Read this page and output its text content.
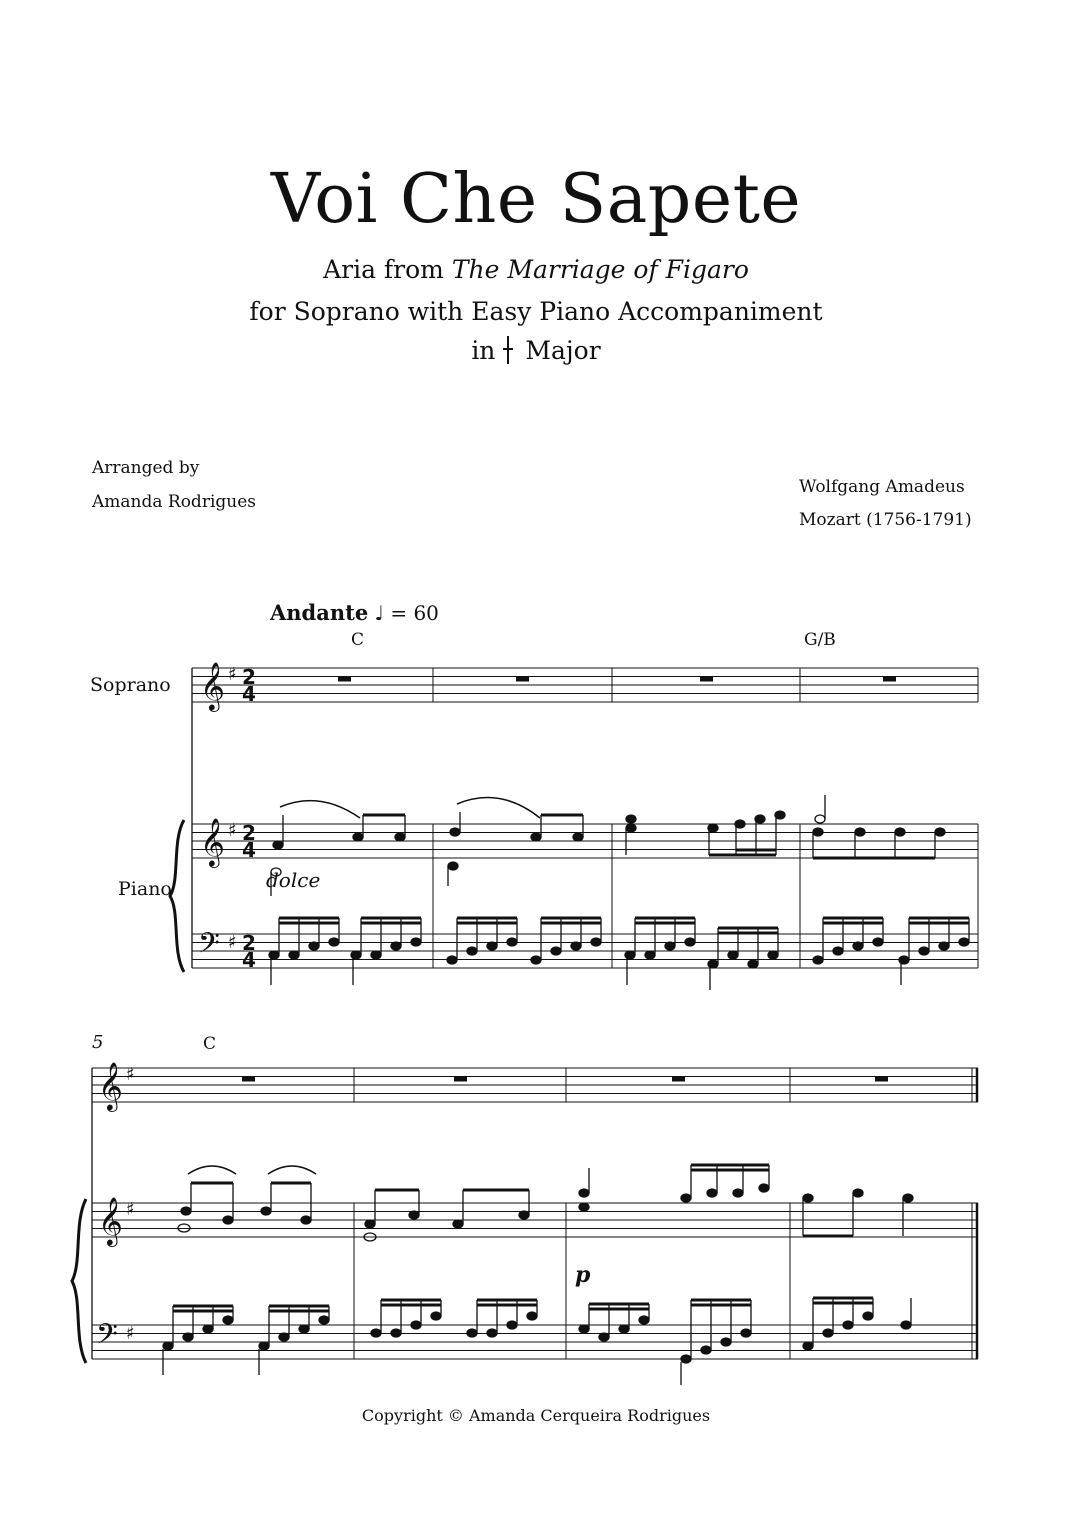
Voi Che Sapete
Aria from The Marriage of Figaro
for Soprano with Easy Piano Accompaniment
in Major
Arranged by
Amanda Rodrigues
Wolfgang Amadeus
Mozart (1756-1791)
Andante ♩ = 60
C	G/B
Soprano
Piano	dolce
5	C
p
Copyright © Amanda Cerqueira Rodrigues
𝄞 ♯ 2
4
𝄞 ♯ 2
4
𝄢 ♯ 2
4
𝄞 ♯
𝄞 ♯
𝄢 ♯
